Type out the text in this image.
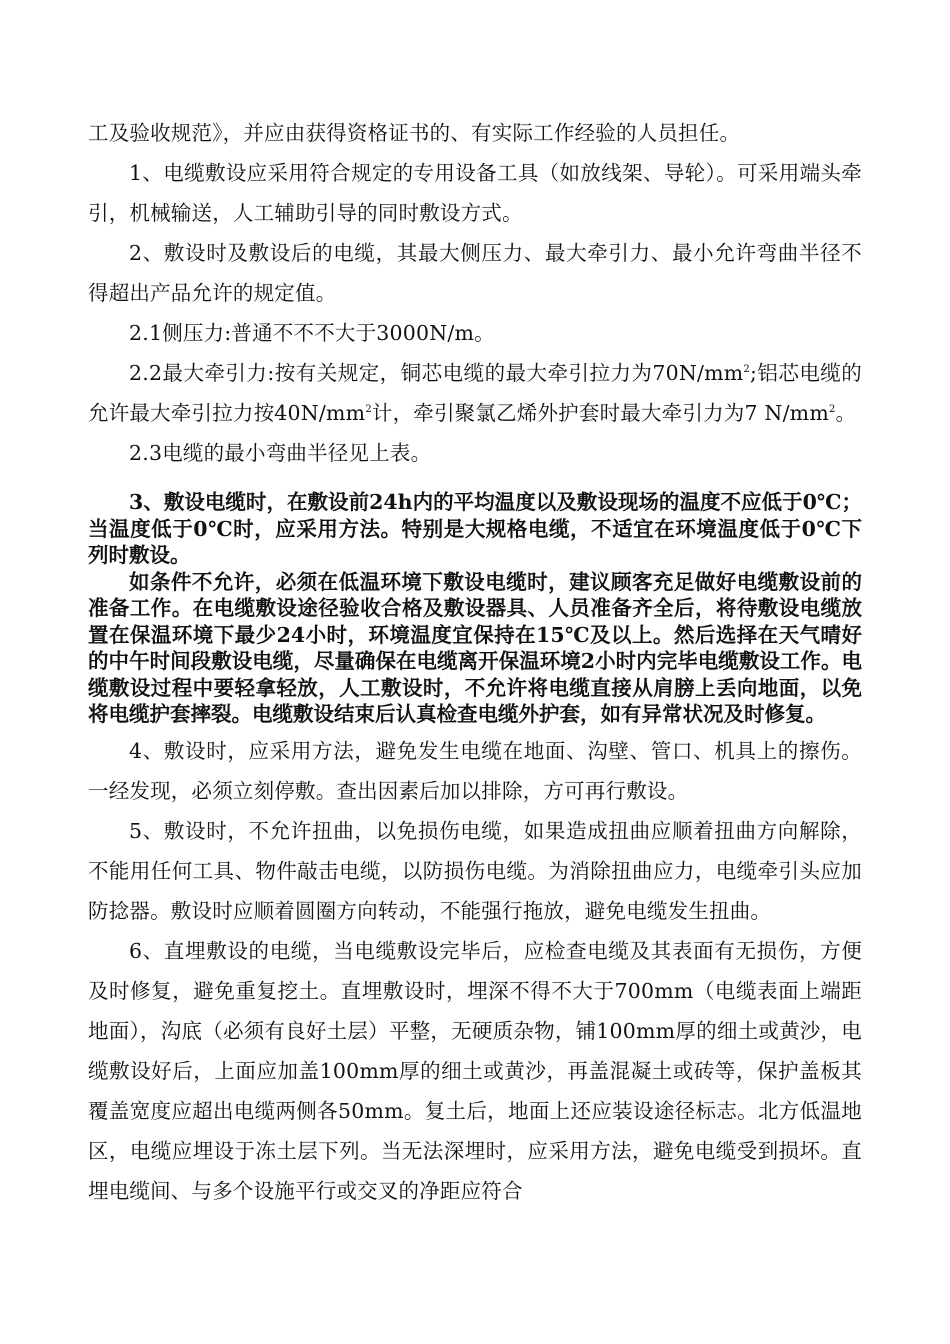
工及验收规范》，并应由获得资格证书的、有实际工作经验的人员担任。

1、电缆敷设应采用符合规定的专用设备工具（如放线架、导轮）。可采用端头牵引，机械输送，人工辅助引导的同时敷设方式。

2、敷设时及敷设后的电缆，其最大侧压力、最大牵引力、最小允许弯曲半径不得超出产品允许的规定值。

2.1侧压力:普通不不不大于3000N/m。

2.2最大牵引力:按有关规定，铜芯电缆的最大牵引拉力为$70N/mm^2$;铝芯电缆的允许最大牵引拉力按$40N/mm^2$计，牵引聚氯乙烯外护套时最大牵引力为7 $N/mm^2$。

2.3电缆的最小弯曲半径见上表。

3、敷设电缆时，在敷设前24h内的平均温度以及敷设现场的温度不应低于0℃；当温度低于0℃时，应采用方法。特别是大规格电缆，不适宜在环境温度低于0℃下列时敷设。

如条件不允许，必须在低温环境下敷设电缆时，建议顾客充足做好电缆敷设前的准备工作。在电缆敷设途径验收合格及敷设器具、人员准备齐全后，将待敷设电缆放置在保温环境下最少24小时，环境温度宜保持在15℃及以上。然后选择在天气晴好的中午时间段敷设电缆，尽量确保在电缆离开保温环境2小时内完毕电缆敷设工作。电缆敷设过程中要轻拿轻放，人工敷设时，不允许将电缆直接从肩膀上丢向地面，以免将电缆护套摔裂。电缆敷设结束后认真检查电缆外护套，如有异常状况及时修复。

4、敷设时，应采用方法，避免发生电缆在地面、沟壁、管口、机具上的擦伤。一经发现，必须立刻停敷。查出因素后加以排除，方可再行敷设。

5、敷设时，不允许扭曲，以免损伤电缆，如果造成扭曲应顺着扭曲方向解除，不能用任何工具、物件敲击电缆，以防损伤电缆。为消除扭曲应力，电缆牵引头应加防捻器。敷设时应顺着圆圈方向转动，不能强行拖放，避免电缆发生扭曲。

6、直埋敷设的电缆，当电缆敷设完毕后，应检查电缆及其表面有无损伤，方便及时修复，避免重复挖土。直埋敷设时，埋深不得不大于700mm（电缆表面上端距地面），沟底（必须有良好土层）平整，无硬质杂物，铺100mm厚的细土或黄沙，电缆敷设好后，上面应加盖100mm厚的细土或黄沙，再盖混凝土或砖等，保护盖板其覆盖宽度应超出电缆两侧各50mm。复土后，地面上还应装设途径标志。北方低温地区，电缆应埋设于冻土层下列。当无法深埋时，应采用方法，避免电缆受到损坏。直埋电缆间、与多个设施平行或交叉的净距应符合
